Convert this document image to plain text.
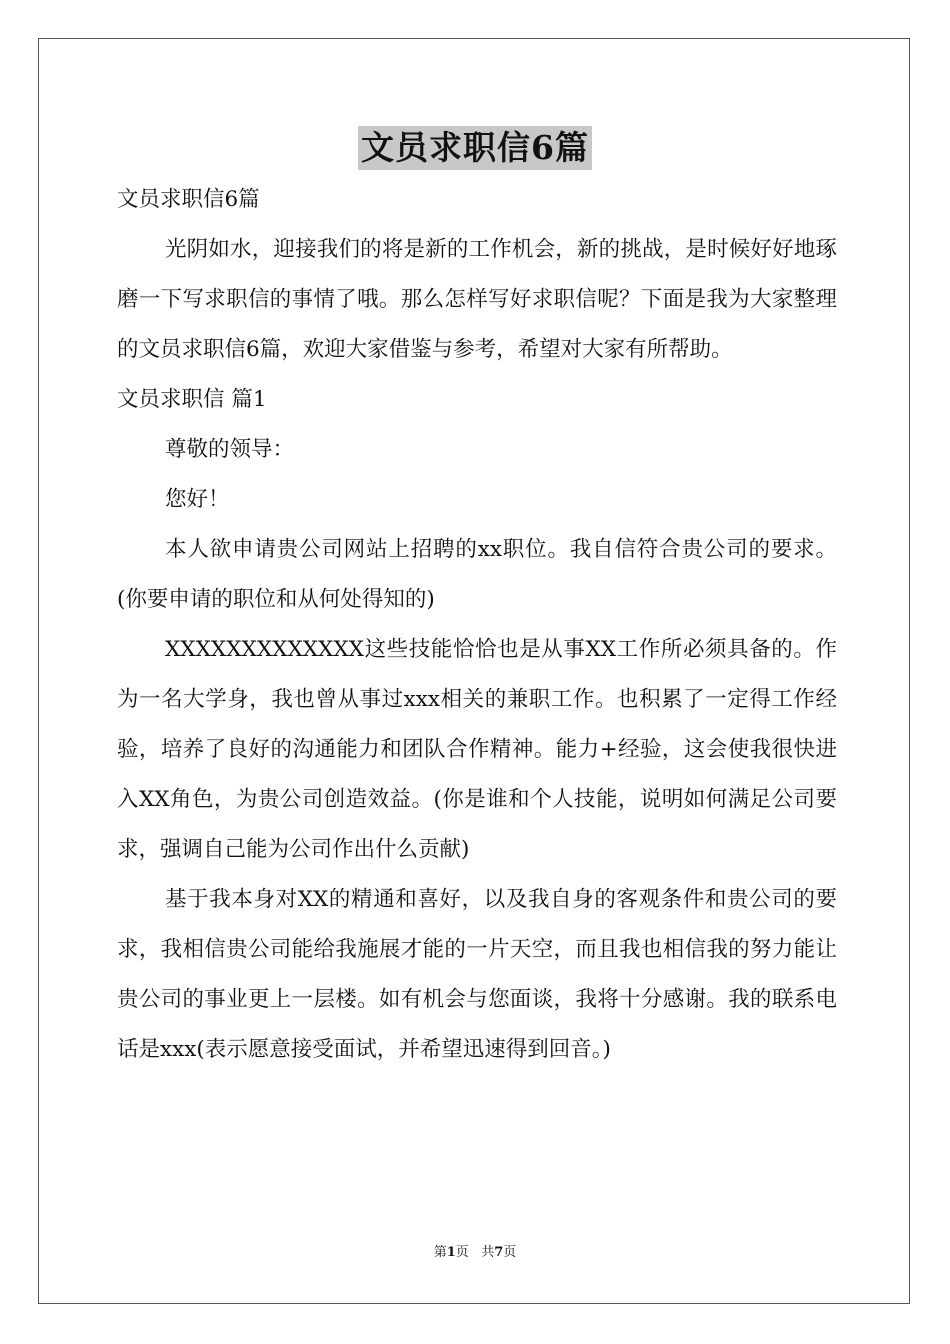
文员求职信6篇

文员求职信6篇

光阴如水，迎接我们的将是新的工作机会，新的挑战，是时候好好地琢磨一下写求职信的事情了哦。那么怎样写好求职信呢？下面是我为大家整理的文员求职信6篇，欢迎大家借鉴与参考，希望对大家有所帮助。

文员求职信 篇1

尊敬的领导：

您好！

本人欲申请贵公司网站上招聘的xx职位。我自信符合贵公司的要求。(你要申请的职位和从何处得知的)

XXXXXXXXXXXXX这些技能恰恰也是从事XX工作所必须具备的。作为一名大学身，我也曾从事过xxx相关的兼职工作。也积累了一定得工作经验，培养了良好的沟通能力和团队合作精神。能力+经验，这会使我很快进入XX角色，为贵公司创造效益。(你是谁和个人技能，说明如何满足公司要求，强调自己能为公司作出什么贡献)

基于我本身对XX的精通和喜好，以及我自身的客观条件和贵公司的要求，我相信贵公司能给我施展才能的一片天空，而且我也相信我的努力能让贵公司的事业更上一层楼。如有机会与您面谈，我将十分感谢。我的联系电话是xxx(表示愿意接受面试，并希望迅速得到回音。)

第1页 共7页
